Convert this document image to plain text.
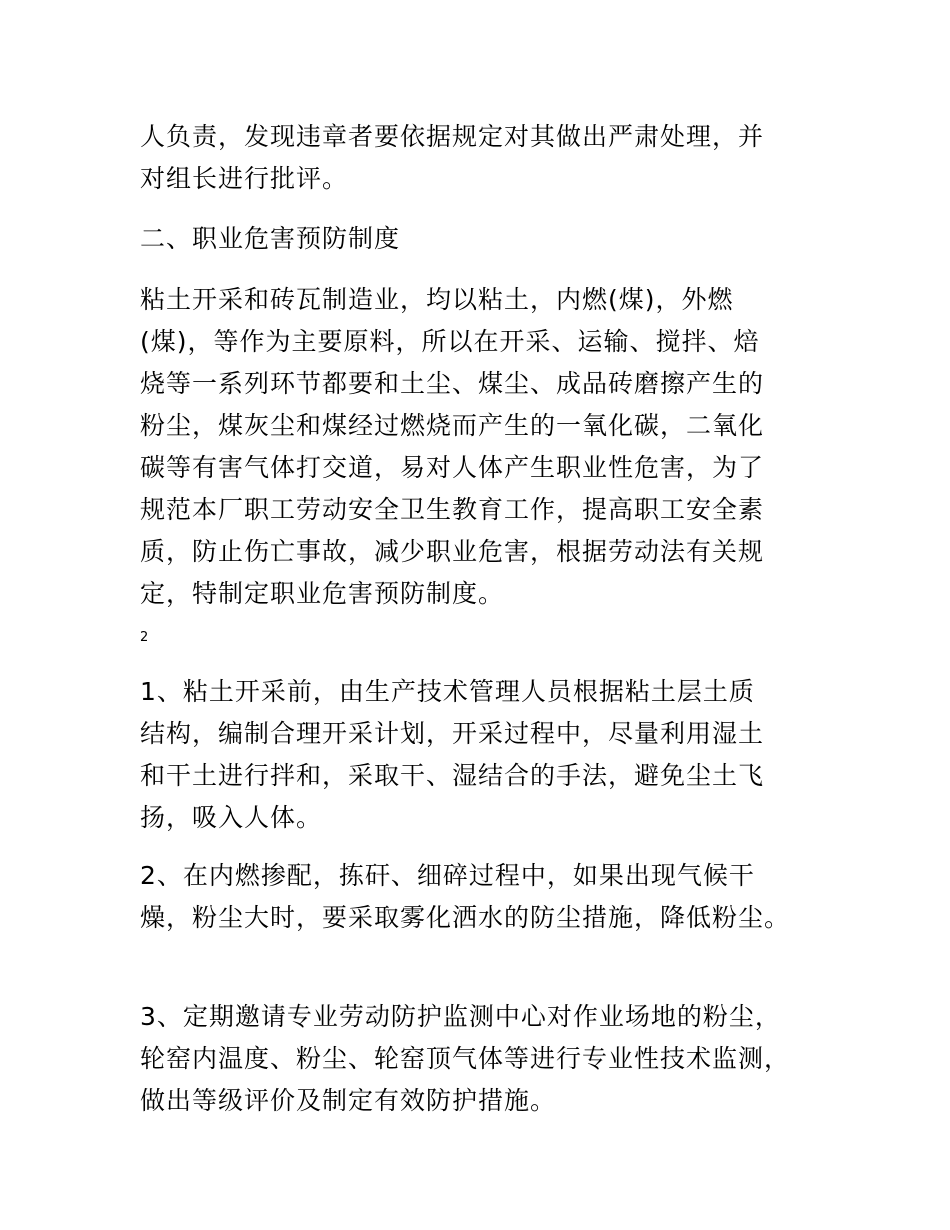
人负责，发现违章者要依据规定对其做出严肃处理，并
对组长进行批评。
二、职业危害预防制度
粘土开采和砖瓦制造业，均以粘土，内燃(煤)，外燃
(煤)，等作为主要原料，所以在开采、运输、搅拌、焙
烧等一系列环节都要和土尘、煤尘、成品砖磨擦产生的
粉尘，煤灰尘和煤经过燃烧而产生的一氧化碳，二氧化
碳等有害气体打交道，易对人体产生职业性危害，为了
规范本厂职工劳动安全卫生教育工作，提高职工安全素
质，防止伤亡事故，减少职业危害，根据劳动法有关规
定，特制定职业危害预防制度。
2
1、粘土开采前，由生产技术管理人员根据粘土层土质
结构，编制合理开采计划，开采过程中，尽量利用湿土
和干土进行拌和，采取干、湿结合的手法，避免尘土飞
扬，吸入人体。
2、在内燃掺配，拣矸、细碎过程中，如果出现气候干
燥，粉尘大时，要采取雾化洒水的防尘措施，降低粉尘。
3、定期邀请专业劳动防护监测中心对作业场地的粉尘，
轮窑内温度、粉尘、轮窑顶气体等进行专业性技术监测，
做出等级评价及制定有效防护措施。
